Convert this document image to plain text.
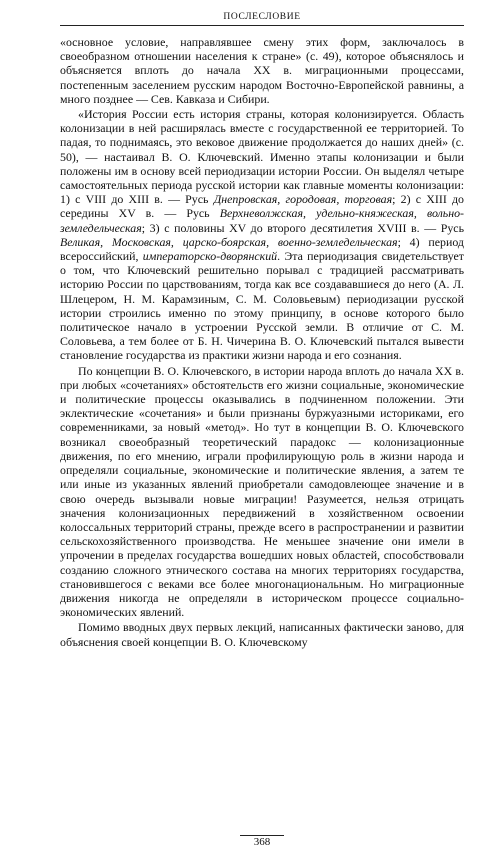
ПОСЛЕСЛОВИЕ

«основное условие, направлявшее смену этих форм, заключалось в своеобразном отношении населения к стране» (с. 49), которое объяснялось и объясняется вплоть до начала XX в. миграционными процессами, постепенным заселением русским народом Восточно-Европейской равнины, а много позднее — Сев. Кавказа и Сибири.

«История России есть история страны, которая колонизируется. Область колонизации в ней расширялась вместе с государственной ее территорией. То падая, то поднимаясь, это вековое движение продолжается до наших дней» (с. 50), — настаивал В. О. Ключевский. Именно этапы колонизации и были положены им в основу всей периодизации истории России. Он выделял четыре самостоятельных периода русской истории как главные моменты колонизации: 1) с VIII до XIII в. — Русь Днепровская, городовая, торговая; 2) с XIII до середины XV в. — Русь Верхневолжская, удельно-княжеская, вольно-земледельческая; 3) с половины XV до второго десятилетия XVIII в. — Русь Великая, Московская, царско-боярская, военно-земледельческая; 4) период всероссийский, императорско-дворянский. Эта периодизация свидетельствует о том, что Ключевский решительно порывал с традицией рассматривать историю России по царствованиям, тогда как все создававшиеся до него (А. Л. Шлецером, Н. М. Карамзиным, С. М. Соловьевым) периодизации русской истории строились именно по этому принципу, в основе которого было политическое начало в устроении Русской земли. В отличие от С. М. Соловьева, а тем более от Б. Н. Чичерина В. О. Ключевский пытался вывести становление государства из практики жизни народа и его сознания.

По концепции В. О. Ключевского, в истории народа вплоть до начала XX в. при любых «сочетаниях» обстоятельств его жизни социальные, экономические и политические процессы оказывались в подчиненном положении. Эти эклектические «сочетания» и были признаны буржуазными историками, его современниками, за новый «метод». Но тут в концепции В. О. Ключевского возникал своеобразный теоретический парадокс — колонизационные движения, по его мнению, играли профилирующую роль в жизни народа и определяли социальные, экономические и политические явления, а затем те или иные из указанных явлений приобретали самодовлеющее значение и в свою очередь вызывали новые миграции! Разумеется, нельзя отрицать значения колонизационных передвижений в хозяйственном освоении колоссальных территорий страны, прежде всего в распространении и развитии сельскохозяйственного производства. Не меньшее значение они имели в упрочении в пределах государства вошедших новых областей, способствовали созданию сложного этнического состава на многих территориях государства, становившегося с веками все более многонациональным. Но миграционные движения никогда не определяли в историческом процессе социально-экономических явлений.

Помимо вводных двух первых лекций, написанных фактически заново, для объяснения своей концепции В. О. Ключевскому

368
